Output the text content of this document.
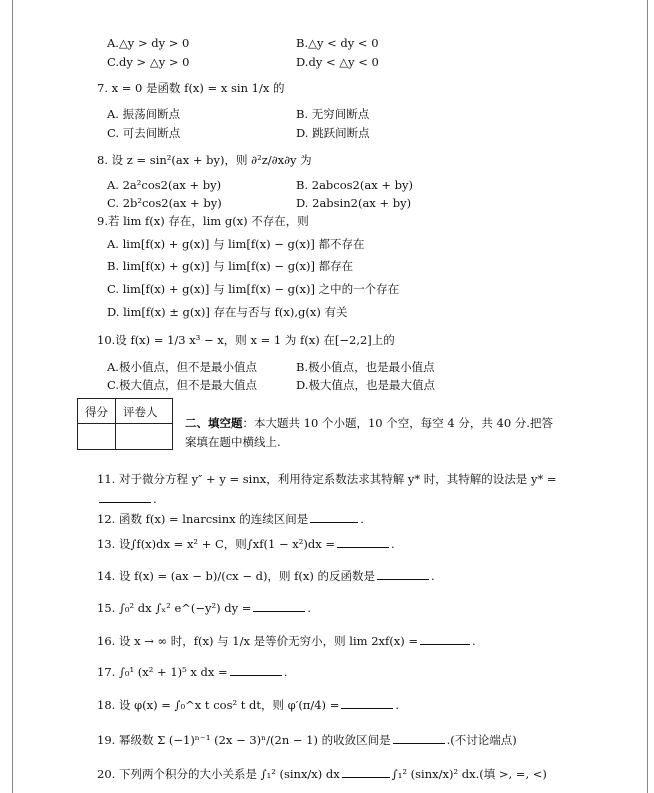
A.△y > dy > 0	B.△y < dy < 0
C.dy > △y > 0	D.dy < △y < 0
7. x = 0 是函数 f(x) = x sin 1/x 的
A. 振荡间断点	B. 无穷间断点
C. 可去间断点	D. 跳跃间断点
8. 设 z = sin²(ax + by)，则 ∂²z/∂x∂y 为
A. 2a²cos2(ax + by)	B. 2abcos2(ax + by)
C. 2b²cos2(ax + by)	D. 2absin2(ax + by)
9.若 lim f(x) 存在，lim g(x) 不存在，则
A. lim[f(x) + g(x)] 与 lim[f(x) − g(x)] 都不存在
B. lim[f(x) + g(x)] 与 lim[f(x) − g(x)] 都存在
C. lim[f(x) + g(x)] 与 lim[f(x) − g(x)] 之中的一个存在
D. lim[f(x) ± g(x)] 存在与否与 f(x),g(x) 有关
10.设 f(x) = 1/3 x³ − x，则 x = 1 为 f(x) 在[−2,2]上的
A.极小值点，但不是最小值点	B.极小值点，也是最小值点
C.极大值点，但不是最大值点	D.极大值点，也是最大值点
得分 评卷人
二、填空题：本大题共 10 个小题，10 个空，每空 4 分，共 40 分.把答
案填在题中横线上.
11. 对于微分方程 y″ + y = sinx，利用待定系数法求其特解 y* 时，其特解的设法是 y* =
.
12. 函数 f(x) = lnarcsinx 的连续区间是	.
13. 设∫f(x)dx = x² + C，则∫xf(1 − x²)dx =	.
14. 设 f(x) = (ax − b)/(cx − d)，则 f(x) 的反函数是	.
15. ∫₀² dx ∫ₓ² e^(−y²) dy =	.
16. 设 x → ∞ 时，f(x) 与 1/x 是等价无穷小，则 lim 2xf(x) =	.
17. ∫₀¹ (x² + 1)⁵ x dx =	.
18. 设 φ(x) = ∫₀^x t cos² t dt，则 φ′(π/4) =	.
19. 幂级数 Σ (−1)ⁿ⁻¹ (2x − 3)ⁿ/(2n − 1) 的收敛区间是	.(不讨论端点)
20. 下列两个积分的大小关系是 ∫₁² (sinx/x) dx	∫₁² (sinx/x)² dx.(填 >, =, <)
